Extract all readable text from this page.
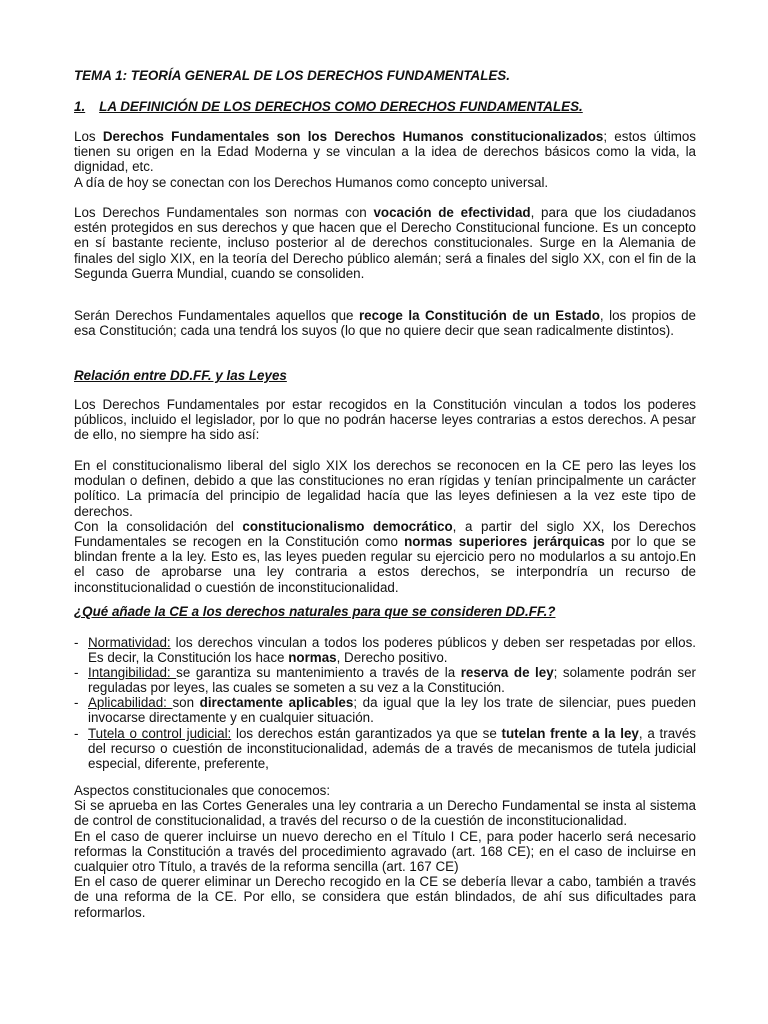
TEMA 1: TEORÍA GENERAL DE LOS DERECHOS FUNDAMENTALES.

1. LA DEFINICIÓN DE LOS DERECHOS COMO DERECHOS FUNDAMENTALES.

Los Derechos Fundamentales son los Derechos Humanos constitucionalizados; estos últimos tienen su origen en la Edad Moderna y se vinculan a la idea de derechos básicos como la vida, la dignidad, etc.
A día de hoy se conectan con los Derechos Humanos como concepto universal.

Los Derechos Fundamentales son normas con vocación de efectividad, para que los ciudadanos estén protegidos en sus derechos y que hacen que el Derecho Constitucional funcione. Es un concepto en sí bastante reciente, incluso posterior al de derechos constitucionales. Surge en la Alemania de finales del siglo XIX, en la teoría del Derecho público alemán; será a finales del siglo XX, con el fin de la Segunda Guerra Mundial, cuando se consoliden.

Serán Derechos Fundamentales aquellos que recoge la Constitución de un Estado, los propios de esa Constitución; cada una tendrá los suyos (lo que no quiere decir que sean radicalmente distintos).

Relación entre DD.FF. y las Leyes

Los Derechos Fundamentales por estar recogidos en la Constitución vinculan a todos los poderes públicos, incluido el legislador, por lo que no podrán hacerse leyes contrarias a estos derechos. A pesar de ello, no siempre ha sido así:

En el constitucionalismo liberal del siglo XIX los derechos se reconocen en la CE pero las leyes los modulan o definen, debido a que las constituciones no eran rígidas y tenían principalmente un carácter político. La primacía del principio de legalidad hacía que las leyes definiesen a la vez este tipo de derechos.
Con la consolidación del constitucionalismo democrático, a partir del siglo XX, los Derechos Fundamentales se recogen en la Constitución como normas superiores jerárquicas por lo que se blindan frente a la ley. Esto es, las leyes pueden regular su ejercicio pero no modularlos a su antojo.En el caso de aprobarse una ley contraria a estos derechos, se interpondría un recurso de inconstitucionalidad o cuestión de inconstitucionalidad.

¿Qué añade la CE a los derechos naturales para que se consideren DD.FF.?

- Normatividad: los derechos vinculan a todos los poderes públicos y deben ser respetadas por ellos. Es decir, la Constitución los hace normas, Derecho positivo.
- Intangibilidad: se garantiza su mantenimiento a través de la reserva de ley; solamente podrán ser reguladas por leyes, las cuales se someten a su vez a la Constitución.
- Aplicabilidad: son directamente aplicables; da igual que la ley los trate de silenciar, pues pueden invocarse directamente y en cualquier situación.
- Tutela o control judicial: los derechos están garantizados ya que se tutelan frente a la ley, a través del recurso o cuestión de inconstitucionalidad, además de a través de mecanismos de tutela judicial especial, diferente, preferente,

Aspectos constitucionales que conocemos:
Si se aprueba en las Cortes Generales una ley contraria a un Derecho Fundamental se insta al sistema de control de constitucionalidad, a través del recurso o de la cuestión de inconstitucionalidad.
En el caso de querer incluirse un nuevo derecho en el Título I CE, para poder hacerlo será necesario reformas la Constitución a través del procedimiento agravado (art. 168 CE); en el caso de incluirse en cualquier otro Título, a través de la reforma sencilla (art. 167 CE)
En el caso de querer eliminar un Derecho recogido en la CE se debería llevar a cabo, también a través de una reforma de la CE. Por ello, se considera que están blindados, de ahí sus dificultades para reformarlos.
